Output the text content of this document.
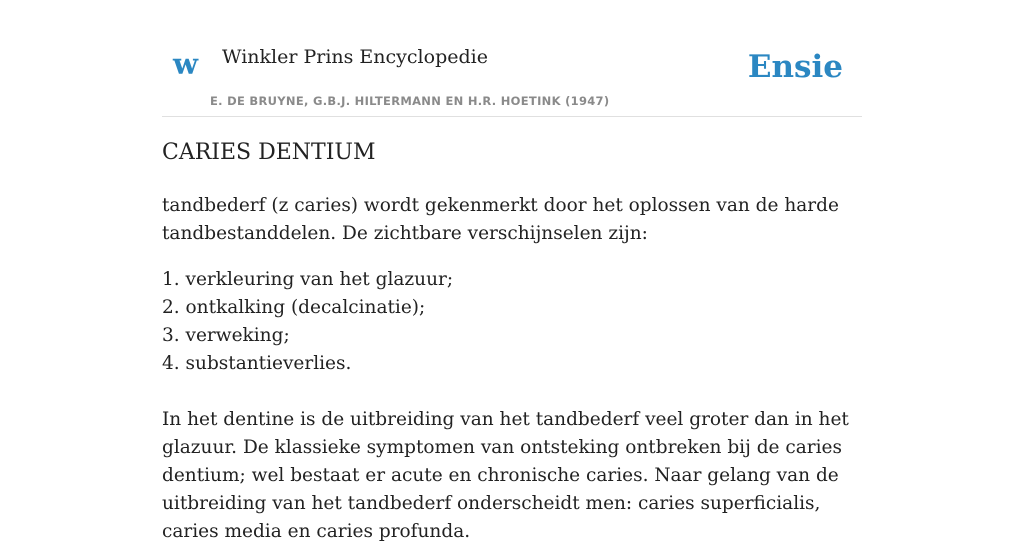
w Winkler Prins Encyclopedie
E. DE BRUYNE, G.B.J. HILTERMANN EN H.R. HOETINK (1947)
Ensie
CARIES DENTIUM

tandbederf (z caries) wordt gekenmerkt door het oplossen van de harde tandbestanddelen. De zichtbare verschijnselen zijn:

1. verkleuring van het glazuur;
2. ontkalking (decalcinatie);
3. verweking;
4. substantieverlies.

In het dentine is de uitbreiding van het tandbederf veel groter dan in het glazuur. De klassieke symptomen van ontsteking ontbreken bij de caries dentium; wel bestaat er acute en chronische caries. Naar gelang van de uitbreiding van het tandbederf onderscheidt men: caries superficialis, caries media en caries profunda.
